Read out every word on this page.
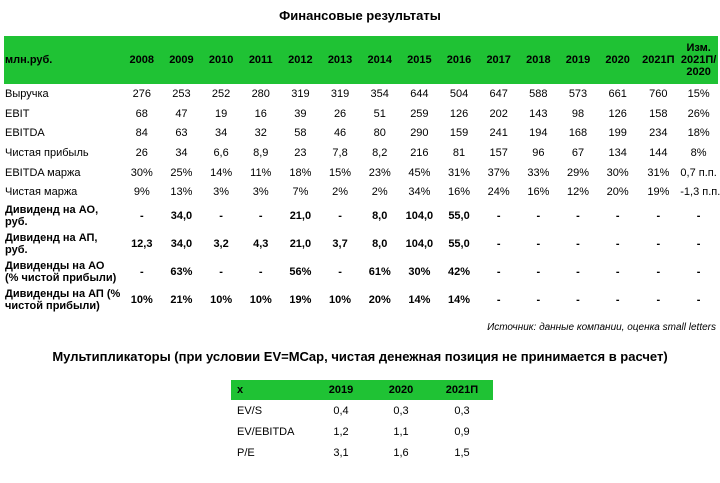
Финансовые результаты
млн.руб.	2008	2009	2010	2011	2012	2013	2014	2015	2016	2017	2018	2019	2020	2021П	Изм. 2021П/ 2020
Выручка	276	253	252	280	319	319	354	644	504	647	588	573	661	760	15%
EBIT	68	47	19	16	39	26	51	259	126	202	143	98	126	158	26%
EBITDA	84	63	34	32	58	46	80	290	159	241	194	168	199	234	18%
Чистая прибыль	26	34	6,6	8,9	23	7,8	8,2	216	81	157	96	67	134	144	8%
EBITDA маржа	30%	25%	14%	11%	18%	15%	23%	45%	31%	37%	33%	29%	30%	31%	0,7 п.п.
Чистая маржа	9%	13%	3%	3%	7%	2%	2%	34%	16%	24%	16%	12%	20%	19%	-1,3 п.п.
Дивиденд на АО, руб.	-	34,0	-	-	21,0	-	8,0	104,0	55,0	-	-	-	-	-	-
Дивиденд на АП, руб.	12,3	34,0	3,2	4,3	21,0	3,7	8,0	104,0	55,0	-	-	-	-	-	-
Дивиденды на АО (% чистой прибыли)	-	63%	-	-	56%	-	61%	30%	42%	-	-	-	-	-	-
Дивиденды на АП (% чистой прибыли)	10%	21%	10%	10%	19%	10%	20%	14%	14%	-	-	-	-	-	-
Источник: данные компании, оценка small letters
Мультипликаторы (при условии EV=MCap, чистая денежная позиция не принимается в расчет)
x	2019	2020	2021П
EV/S	0,4	0,3	0,3
EV/EBITDA	1,2	1,1	0,9
P/E	3,1	1,6	1,5
